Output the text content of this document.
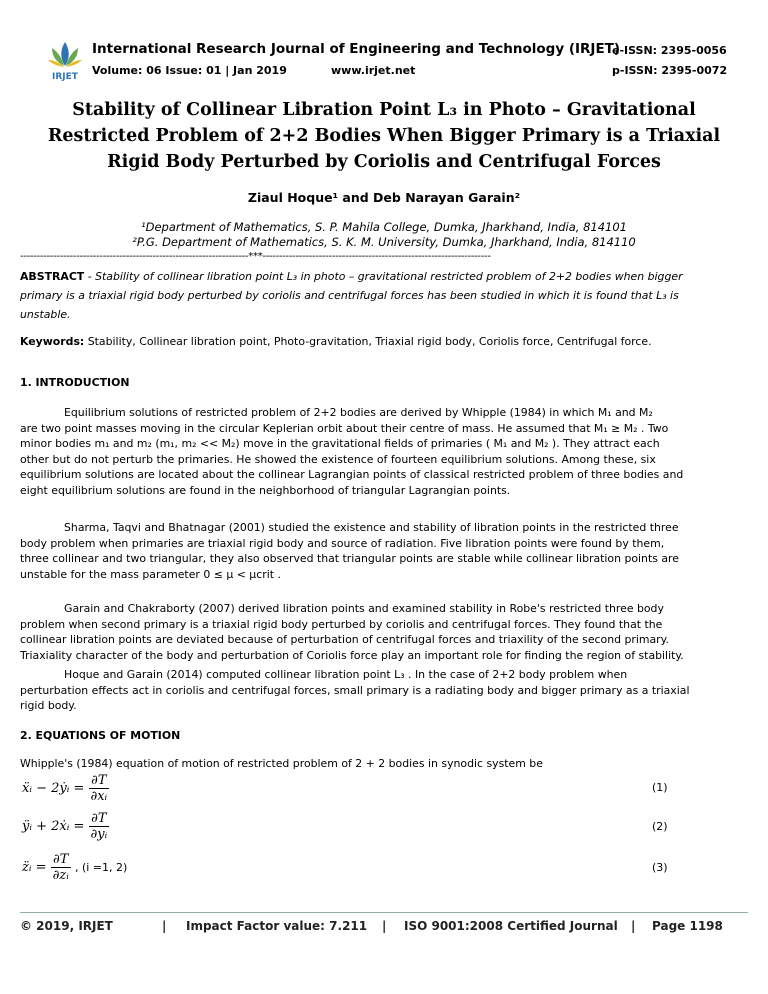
IRJET
International Research Journal of Engineering and Technology (IRJET)
e-ISSN: 2395-0056
Volume: 06 Issue: 01 | Jan 2019	www.irjet.net	p-ISSN: 2395-0072
Stability of Collinear Libration Point L₃ in Photo – Gravitational
Restricted Problem of 2+2 Bodies When Bigger Primary is a Triaxial
Rigid Body Perturbed by Coriolis and Centrifugal Forces
Ziaul Hoque¹ and Deb Narayan Garain²
¹Department of Mathematics, S. P. Mahila College, Dumka, Jharkhand, India, 814101
²P.G. Department of Mathematics, S. K. M. University, Dumka, Jharkhand, India, 814110
---------------------------------------------------------------------***---------------------------------------------------------------------
ABSTRACT - Stability of collinear libration point L₃ in photo – gravitational restricted problem of 2+2 bodies when bigger
primary is a triaxial rigid body perturbed by coriolis and centrifugal forces has been studied in which it is found that L₃ is
unstable.
Keywords: Stability, Collinear libration point, Photo-gravitation, Triaxial rigid body, Coriolis force, Centrifugal force.
1. INTRODUCTION
Equilibrium solutions of restricted problem of 2+2 bodies are derived by Whipple (1984) in which M₁ and M₂
are two point masses moving in the circular Keplerian orbit about their centre of mass. He assumed that M₁ ≥ M₂ . Two
minor bodies m₁ and m₂ (m₁, m₂ << M₂) move in the gravitational fields of primaries ( M₁ and M₂ ). They attract each
other but do not perturb the primaries. He showed the existence of fourteen equilibrium solutions. Among these, six
equilibrium solutions are located about the collinear Lagrangian points of classical restricted problem of three bodies and
eight equilibrium solutions are found in the neighborhood of triangular Lagrangian points.
Sharma, Taqvi and Bhatnagar (2001) studied the existence and stability of libration points in the restricted three
body problem when primaries are triaxial rigid body and source of radiation. Five libration points were found by them,
three collinear and two triangular, they also observed that triangular points are stable while collinear libration points are
unstable for the mass parameter 0 ≤ μ < μcrit .
Garain and Chakraborty (2007) derived libration points and examined stability in Robe's restricted three body
problem when second primary is a triaxial rigid body perturbed by coriolis and centrifugal forces. They found that the
collinear libration points are deviated because of perturbation of centrifugal forces and triaxility of the second primary.
Triaxiality character of the body and perturbation of Coriolis force play an important role for finding the region of stability.
Hoque and Garain (2014) computed collinear libration point L₃ . In the case of 2+2 body problem when
perturbation effects act in coriolis and centrifugal forces, small primary is a radiating body and bigger primary as a triaxial
rigid body.
2. EQUATIONS OF MOTION
Whipple's (1984) equation of motion of restricted problem of 2 + 2 bodies in synodic system be
ẍᵢ − 2ẏᵢ = $\frac{\partial T}{\text{∂xᵢ}}$	(1)
ÿᵢ + 2ẋᵢ = $\frac{\partial T}{\text{∂yᵢ}}$	(2)
z̈ᵢ = $\frac{\partial T}{\text{∂zᵢ}}$ , (i =1, 2)	(3)
© 2019, IRJET	| Impact Factor value: 7.211 | ISO 9001:2008 Certified Journal | Page 1198
